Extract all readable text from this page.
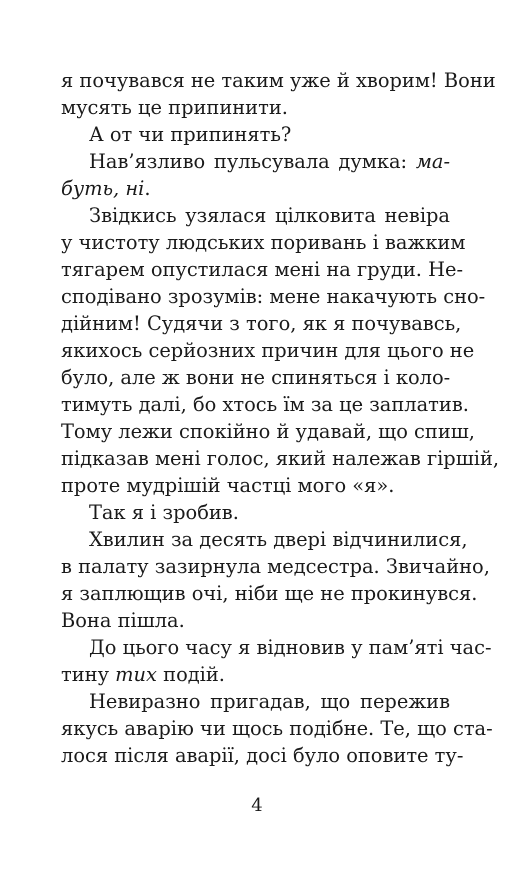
я почувався не таким уже й хворим! Вони
мусять це припинити.
А от чи припинять?
Нав’язливо пульсувала думка: ма-
буть, ні.
Звідкись узялася цілковита невіра
у чистоту людських поривань і важким
тягарем опустилася мені на груди. Не-
сподівано зрозумів: мене накачують сно-
дійним! Судячи з того, як я почувавсь,
якихось серйозних причин для цього не
було, але ж вони не спиняться і коло-
тимуть далі, бо хтось їм за це заплатив.
Тому лежи спокійно й удавай, що спиш,
підказав мені голос, який належав гіршій,
проте мудрішій частці мого «я».
Так я і зробив.
Хвилин за десять двері відчинилися,
в палату зазирнула медсестра. Звичайно,
я заплющив очі, ніби ще не прокинувся.
Вона пішла.
До цього часу я відновив у пам’яті час-
тину тих подій.
Невиразно пригадав, що пережив
якусь аварію чи щось подібне. Те, що ста-
лося після аварії, досі було оповите ту-
4
